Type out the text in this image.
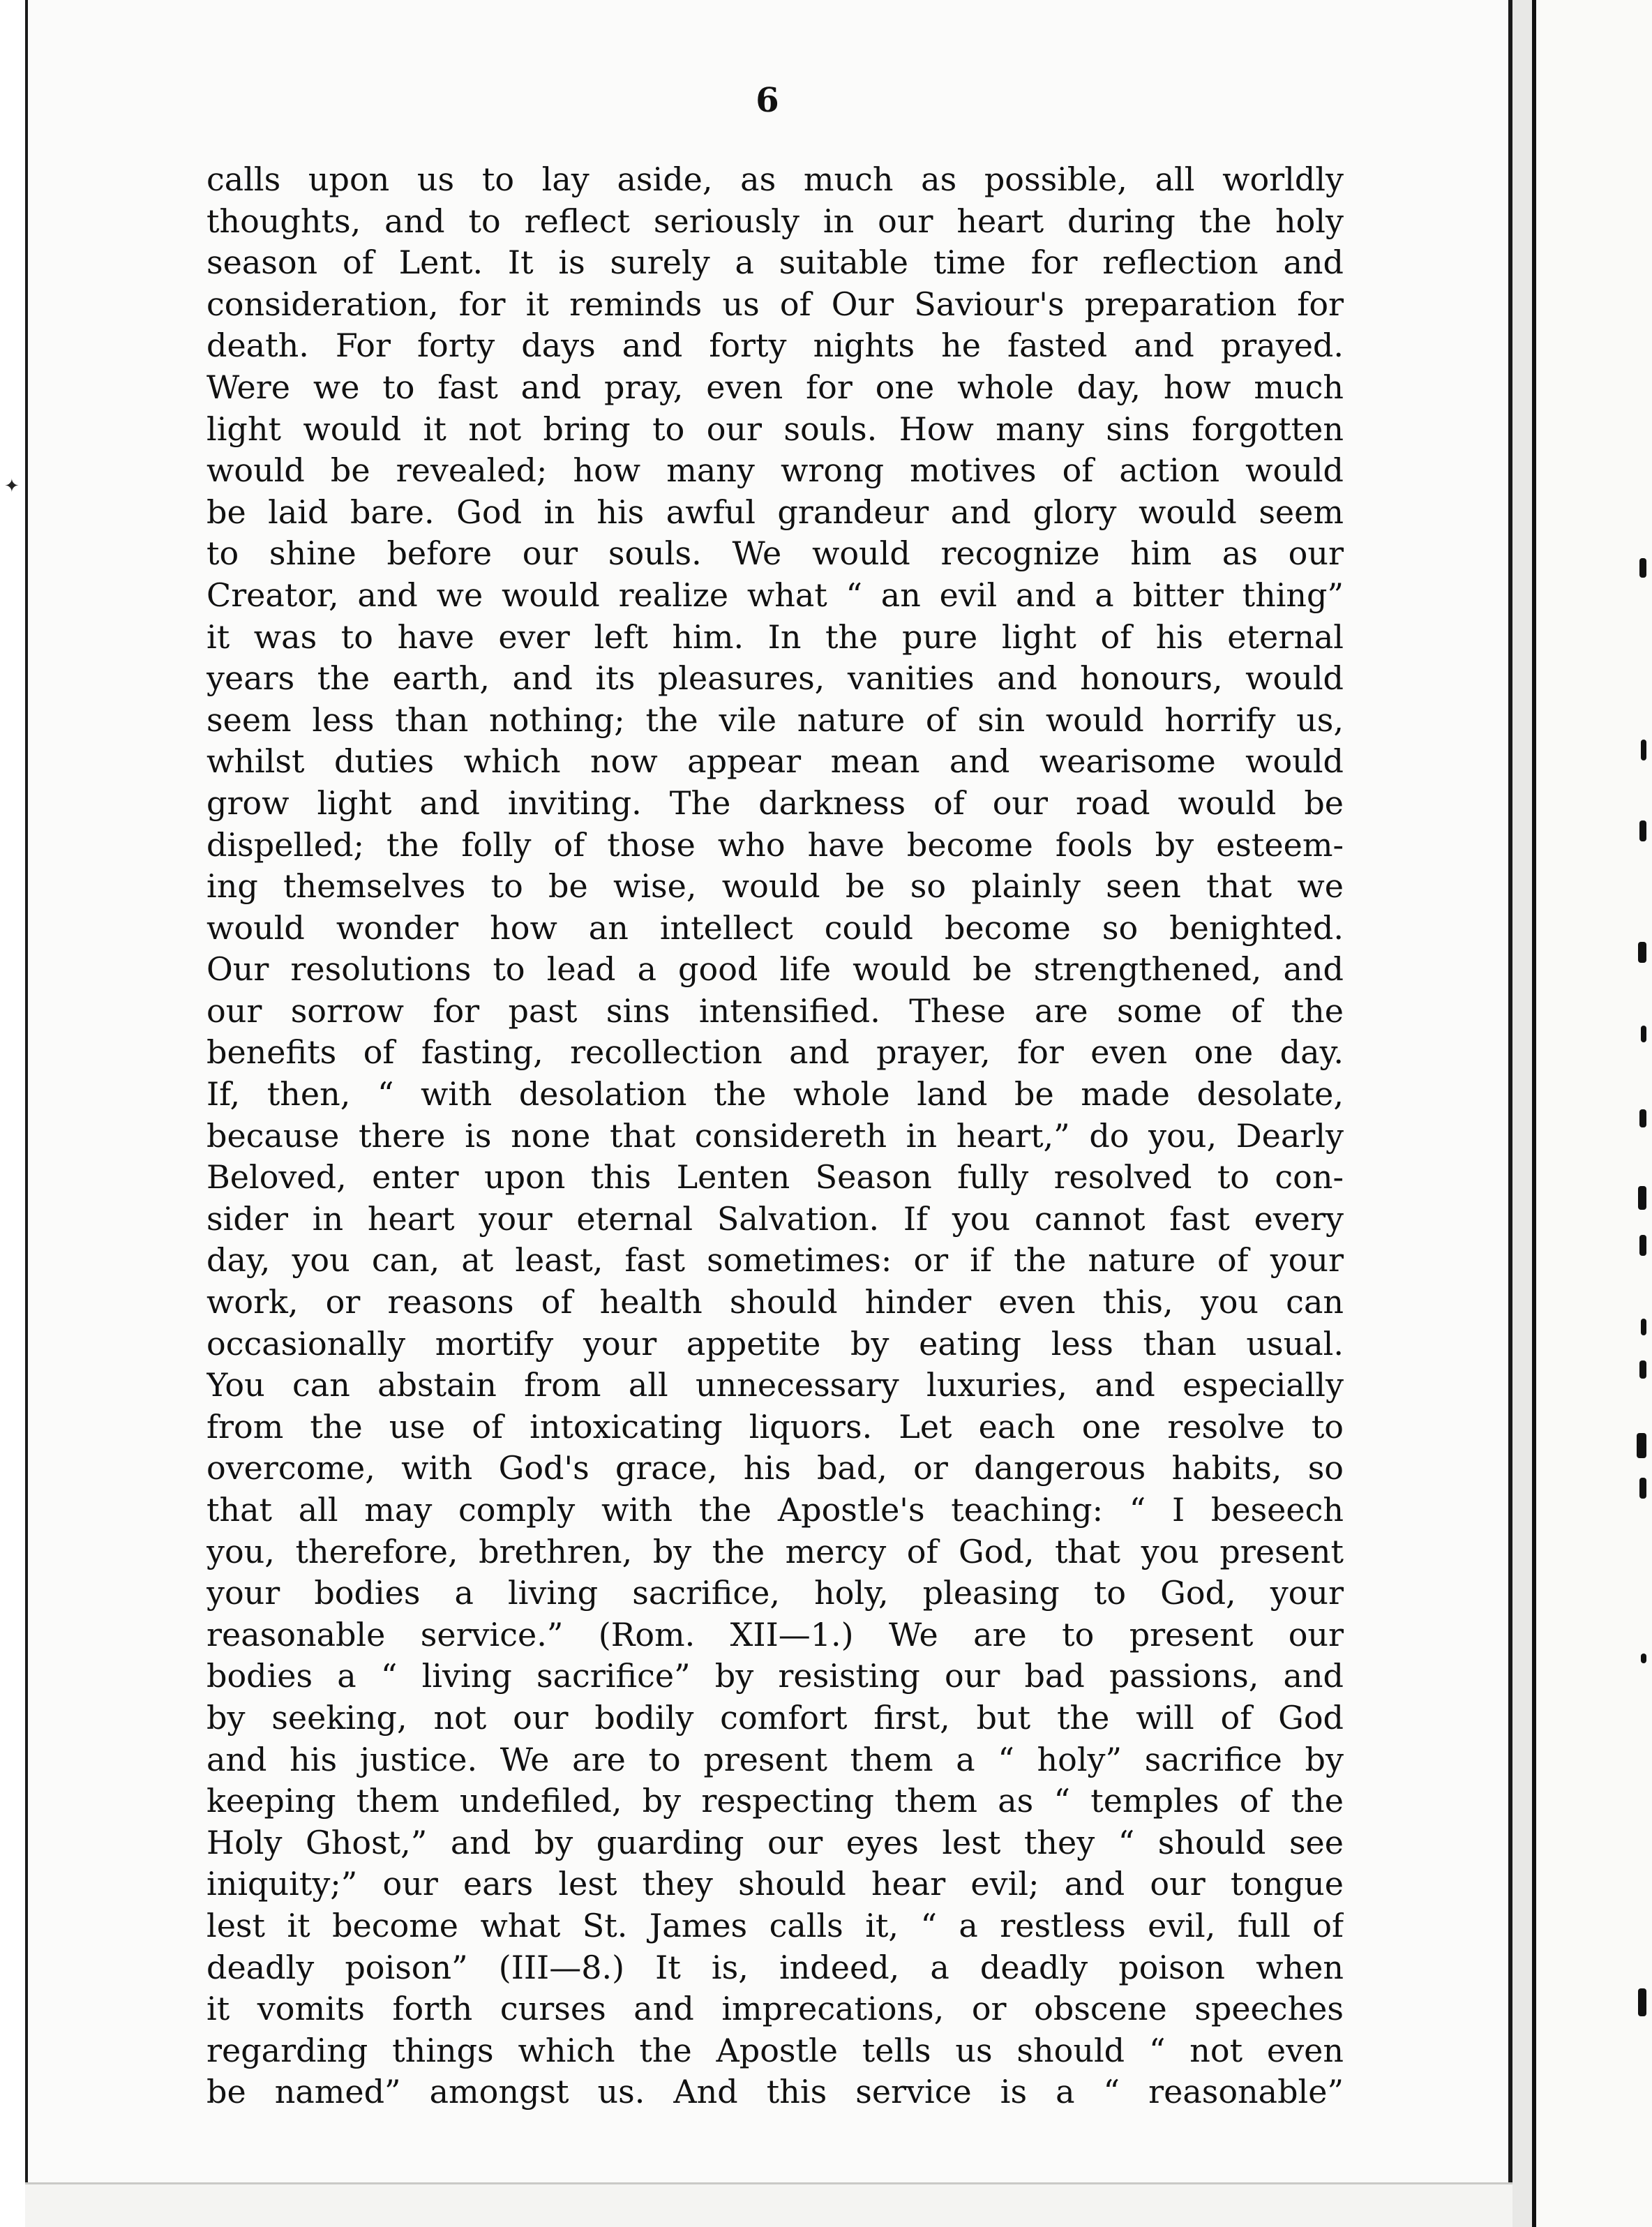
✦
6
calls upon us to lay aside, as much as possible, all worldly
thoughts, and to reflect seriously in our heart during the holy
season of Lent. It is surely a suitable time for reflection and
consideration, for it reminds us of Our Saviour's preparation for
death. For forty days and forty nights he fasted and prayed.
Were we to fast and pray, even for one whole day, how much
light would it not bring to our souls. How many sins forgotten
would be revealed; how many wrong motives of action would
be laid bare. God in his awful grandeur and glory would seem
to shine before our souls. We would recognize him as our
Creator, and we would realize what “ an evil and a bitter thing”
it was to have ever left him. In the pure light of his eternal
years the earth, and its pleasures, vanities and honours, would
seem less than nothing; the vile nature of sin would horrify us,
whilst duties which now appear mean and wearisome would
grow light and inviting. The darkness of our road would be
dispelled; the folly of those who have become fools by esteem-
ing themselves to be wise, would be so plainly seen that we
would wonder how an intellect could become so benighted.
Our resolutions to lead a good life would be strengthened, and
our sorrow for past sins intensified. These are some of the
benefits of fasting, recollection and prayer, for even one day.
If, then, “ with desolation the whole land be made desolate,
because there is none that considereth in heart,” do you, Dearly
Beloved, enter upon this Lenten Season fully resolved to con-
sider in heart your eternal Salvation. If you cannot fast every
day, you can, at least, fast sometimes: or if the nature of your
work, or reasons of health should hinder even this, you can
occasionally mortify your appetite by eating less than usual.
You can abstain from all unnecessary luxuries, and especially
from the use of intoxicating liquors. Let each one resolve to
overcome, with God's grace, his bad, or dangerous habits, so
that all may comply with the Apostle's teaching: “ I beseech
you, therefore, brethren, by the mercy of God, that you present
your bodies a living sacrifice, holy, pleasing to God, your
reasonable service.” (Rom. XII—1.) We are to present our
bodies a “ living sacrifice” by resisting our bad passions, and
by seeking, not our bodily comfort first, but the will of God
and his justice. We are to present them a “ holy” sacrifice by
keeping them undefiled, by respecting them as “ temples of the
Holy Ghost,” and by guarding our eyes lest they “ should see
iniquity;” our ears lest they should hear evil; and our tongue
lest it become what St. James calls it, “ a restless evil, full of
deadly poison” (III—8.) It is, indeed, a deadly poison when
it vomits forth curses and imprecations, or obscene speeches
regarding things which the Apostle tells us should “ not even
be named” amongst us. And this service is a “ reasonable”
